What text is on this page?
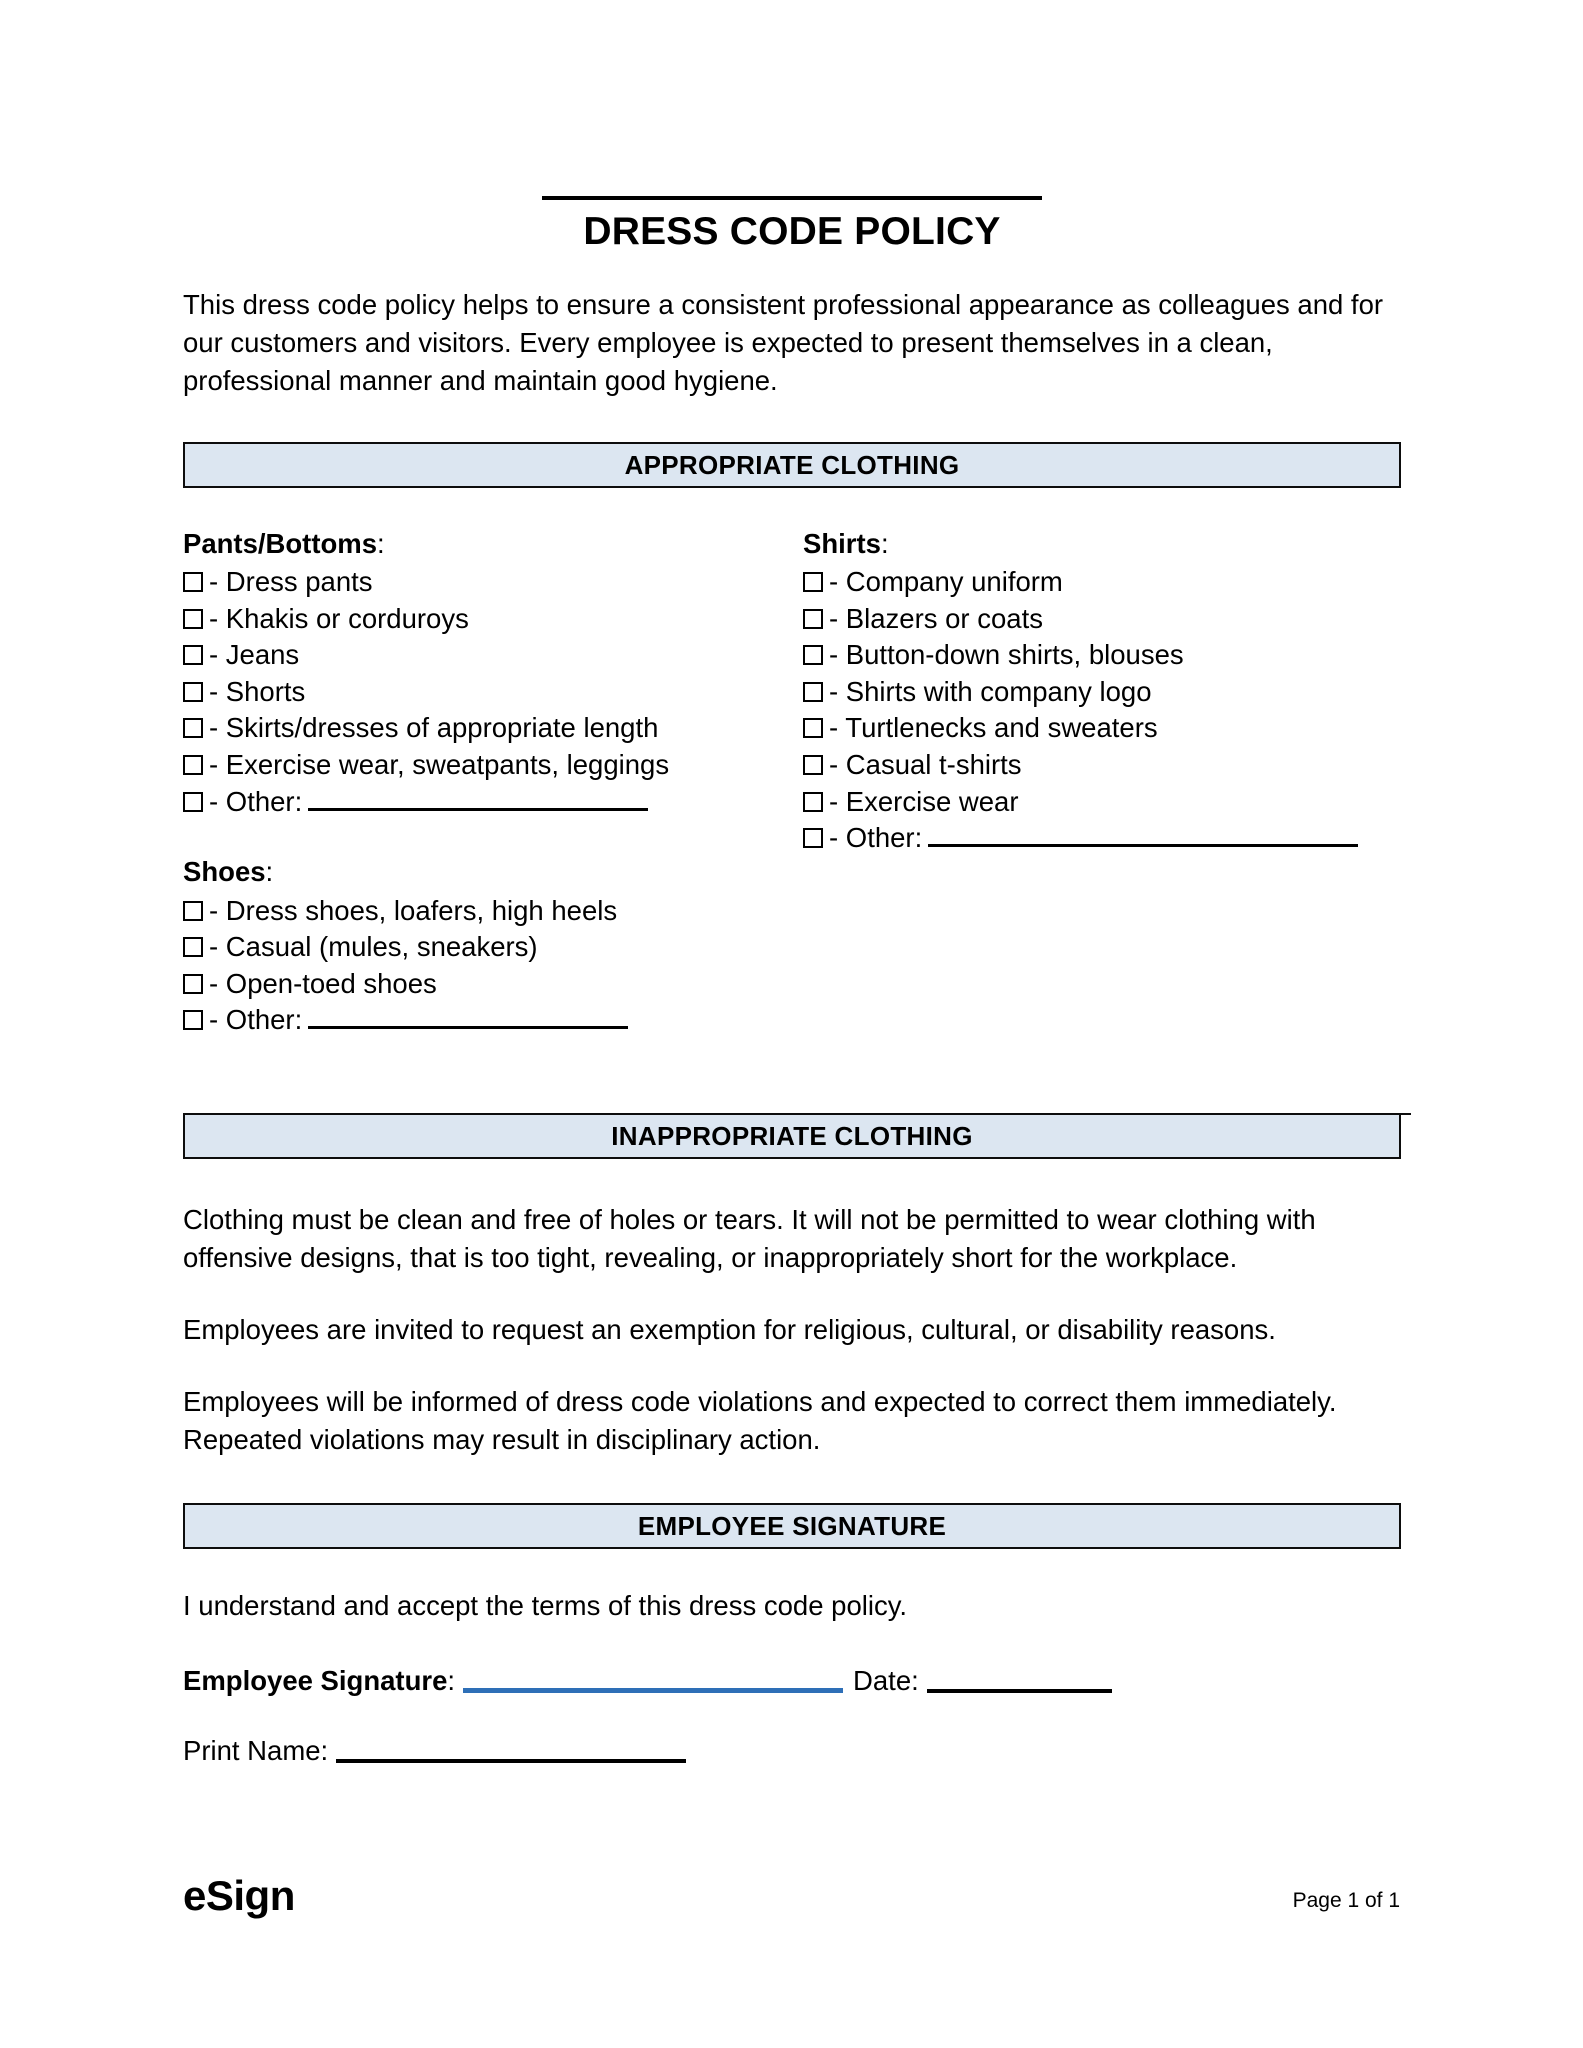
DRESS CODE POLICY
This dress code policy helps to ensure a consistent professional appearance as colleagues and for our customers and visitors. Every employee is expected to present themselves in a clean, professional manner and maintain good hygiene.
APPROPRIATE CLOTHING
Pants/Bottoms:
- Dress pants
- Khakis or corduroys
- Jeans
- Shorts
- Skirts/dresses of appropriate length
- Exercise wear, sweatpants, leggings
- Other:
Shoes:
- Dress shoes, loafers, high heels
- Casual (mules, sneakers)
- Open-toed shoes
- Other:
Shirts:
- Company uniform
- Blazers or coats
- Button-down shirts, blouses
- Shirts with company logo
- Turtlenecks and sweaters
- Casual t-shirts
- Exercise wear
- Other:
INAPPROPRIATE CLOTHING
Clothing must be clean and free of holes or tears. It will not be permitted to wear clothing with offensive designs, that is too tight, revealing, or inappropriately short for the workplace.
Employees are invited to request an exemption for religious, cultural, or disability reasons.
Employees will be informed of dress code violations and expected to correct them immediately. Repeated violations may result in disciplinary action.
EMPLOYEE SIGNATURE
I understand and accept the terms of this dress code policy.
Employee Signature:	Date:
Print Name:
eSign	Page 1 of 1
